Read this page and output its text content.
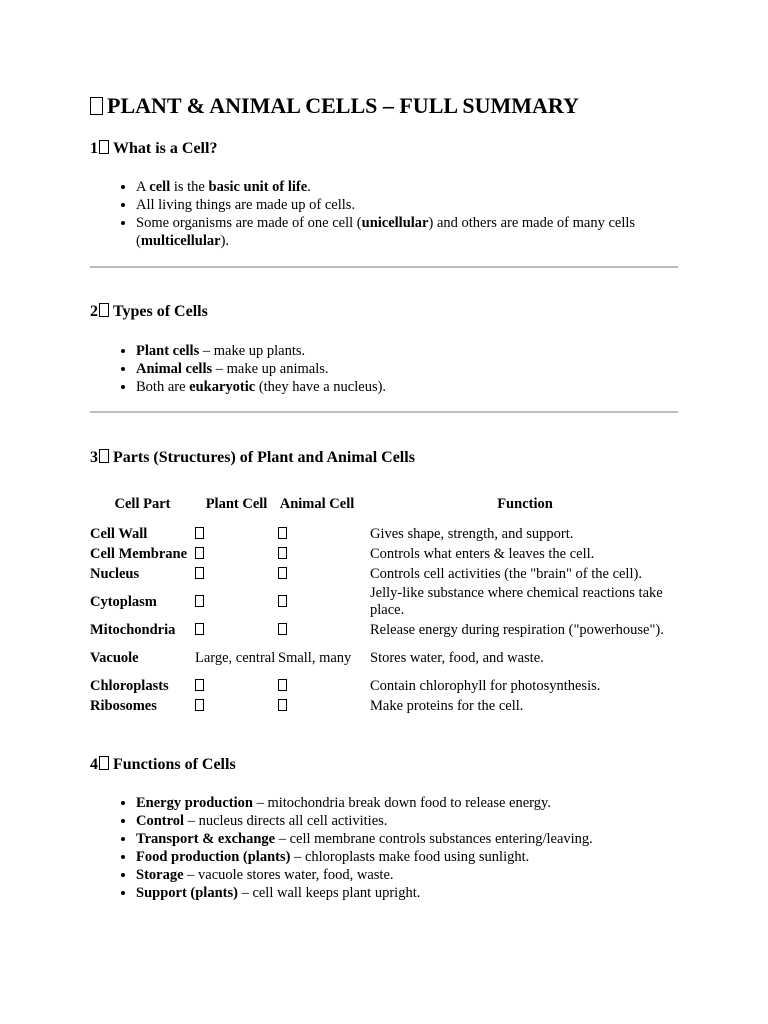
PLANT & ANIMAL CELLS – FULL SUMMARY
1 What is a Cell?
• A cell is the basic unit of life.
• All living things are made up of cells.
• Some organisms are made of one cell (unicellular) and others are made of many cells (multicellular).
2 Types of Cells
• Plant cells – make up plants.
• Animal cells – make up animals.
• Both are eukaryotic (they have a nucleus).
3 Parts (Structures) of Plant and Animal Cells
Cell Part	Plant Cell	Animal Cell	Function
Cell Wall			Gives shape, strength, and support.
Cell Membrane			Controls what enters & leaves the cell.
Nucleus			Controls cell activities (the "brain" of the cell).
Cytoplasm			Jelly-like substance where chemical reactions take place.
Mitochondria			Release energy during respiration ("powerhouse").
Vacuole	Large, central	Small, many	Stores water, food, and waste.
Chloroplasts			Contain chlorophyll for photosynthesis.
Ribosomes			Make proteins for the cell.
4 Functions of Cells
• Energy production – mitochondria break down food to release energy.
• Control – nucleus directs all cell activities.
• Transport & exchange – cell membrane controls substances entering/leaving.
• Food production (plants) – chloroplasts make food using sunlight.
• Storage – vacuole stores water, food, waste.
• Support (plants) – cell wall keeps plant upright.
